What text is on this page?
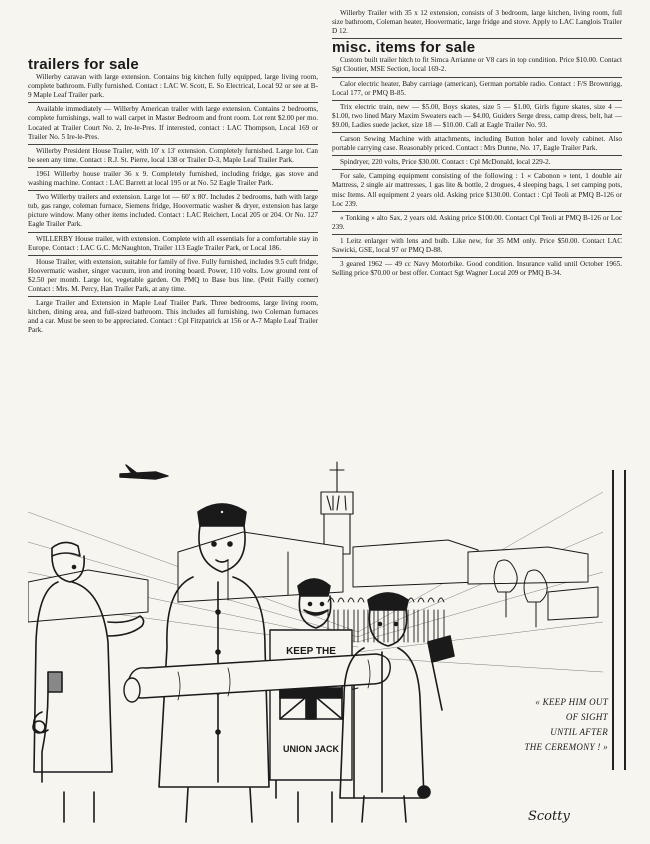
trailers for sale
Willerby caravan with large extension. Contains big kitchen fully equipped, large living room, complete bathroom. Fully furnished. Contact : LAC W. Scott, E. So Electrical, Local 92 or see at B-9 Maple Leaf Trailer park.
Available immediately — Willerby American trailer with large extension. Contains 2 bedrooms, complete furnishings, wall to wall carpet in Master Bedroom and front room. Lot rent $2.00 per mo. Located at Trailer Court No. 2, Ire-le-Pres. If interested, contact : LAC Thompson, Local 169 or Trailer No. 5 Ire-le-Pres.
Willerby President House Trailer, with 10' x 13' extension. Completely furnished. Large lot. Can be seen any time. Contact : R.J. St. Pierre, local 138 or Trailer D-3, Maple Leaf Trailer Park.
1961 Willerby house trailer 36 x 9. Completely furnished, including fridge, gas stove and washing machine. Contact : LAC Barrett at local 195 or at No. 52 Eagle Trailer Park.
Two Willerby trailers and extension. Large lot — 60' x 80'. Includes 2 bedrooms, bath with large tub, gas range, coleman furnace, Siemens fridge, Hoovermatic washer & dryer, extension has large picture window. Many other items included. Contact : LAC Reichert, Local 205 or 204. Or No. 127 Eagle Trailer Park.
WILLERBY House trailer, with extension. Complete with all essentials for a comfortable stay in Europe. Contact : LAC G.C. McNaughton, Trailer 113 Eagle Trailer Park, or Local 186.
House Trailer, with extension, suitable for family of five. Fully furnished, includes 9.5 cuft fridge, Hoovermatic washer, singer vacuum, iron and ironing board. Power, 110 volts. Low ground rent of $2.50 per month. Large lot, vegetable garden. On PMQ to Base bus line. (Petit Failly corner) Contact : Mrs. M. Percy, Han Trailer Park, at any time.
Large Trailer and Extension in Maple Leaf Trailer Park. Three bedrooms, large living room, kitchen, dining area, and full-sized bathroom. This includes all furnishing, two Coleman furnaces and a car. Must be seen to be appreciated. Contact : Cpl Fitzpatrick at 156 or A-7 Maple Leaf Trailer Park.
Willerby Trailer with 35 x 12 extension, consists of 3 bedroom, large kitchen, living room, full size bathroom, Coleman heater, Hoovermatic, large fridge and stove. Apply to LAC Langlois Trailer D 12.
misc. items for sale
Custom built trailer hitch to fit Simca Arrianne or V8 cars in top condition. Price $10.00. Contact Sgt Cloutier, MSE Section, local 169-2.
Calor electric heater, Baby carriage (american), German portable radio. Contact : F/S Brownrigg, Local 177, or PMQ B-85.
Trix electric train, new — $5.00, Boys skates, size 5 — $1.00, Girls figure skates, size 4 — $1.00, two lined Mary Maxim Sweaters each — $4.00, Guiders Serge dress, camp dress, belt, hat — $9.00, Ladies suede jacket, size 18 — $10.00. Call at Eagle Trailer No. 93.
Carson Sewing Machine with attachments, including Button holer and lovely cabinet. Also portable carrying case. Reasonably priced. Contact : Mrs Dunne, No. 17, Eagle Trailer Park.
Spindryer, 220 volts, Price $30.00. Contact : Cpl McDonald, local 229-2.
For sale, Camping equipment consisting of the following : 1 « Cabonon » tent, 1 double air Mattress, 2 single air mattresses, 1 gas lite & bottle, 2 drogues, 4 sleeping bags, 1 set camping pots, misc Items. All equipment 2 years old. Asking price $130.00. Contact : Cpl Teoli at PMQ B-126 or Loc 239.
« Tonking » alto Sax, 2 years old. Asking price $100.00. Contact Cpl Teoli at PMQ B-126 or Loc 239.
1 Leitz enlarger with lens and bulb. Like new, for 35 MM only. Price $50.00. Contact LAC Sawicki, GSE, local 97 or PMQ D-88.
3 geared 1962 — 49 cc Navy Motorbike. Good condition. Insurance valid until October 1965. Selling price $70.00 or best offer. Contact Sgt Wagner Local 209 or PMQ B-34.
Scotty
KEEP THE
UNION JACK
« KEEP HIM OUT
OF SIGHT
UNTIL AFTER
THE CEREMONY ! »
